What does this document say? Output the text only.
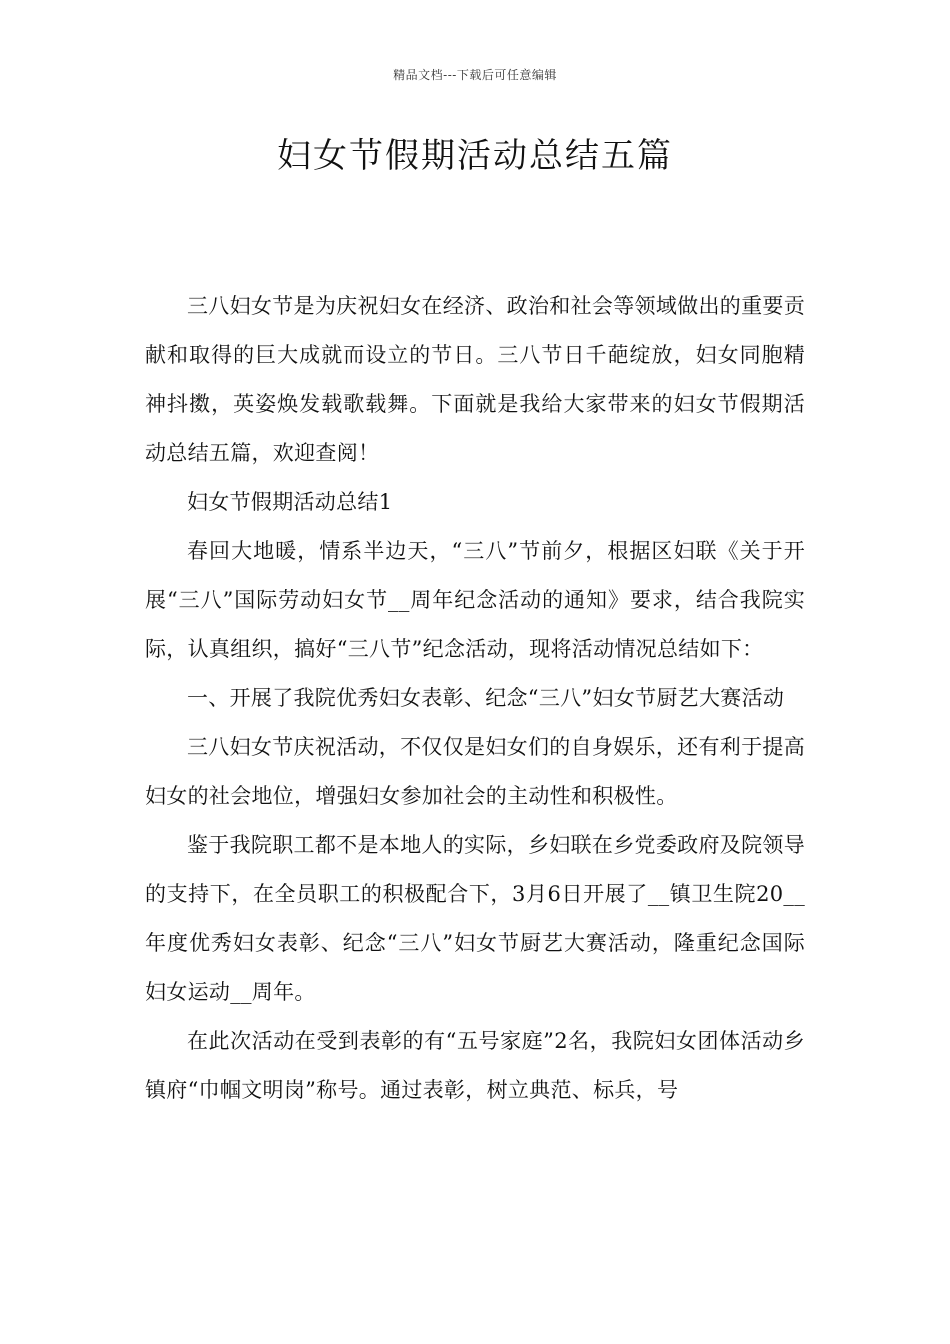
精品文档---下载后可任意编辑
妇女节假期活动总结五篇

三八妇女节是为庆祝妇女在经济、政治和社会等领域做出的重要贡献和取得的巨大成就而设立的节日。三八节日千葩绽放，妇女同胞精神抖擞，英姿焕发载歌载舞。下面就是我给大家带来的妇女节假期活动总结五篇，欢迎查阅！

妇女节假期活动总结1

春回大地暖，情系半边天，“三八”节前夕，根据区妇联《关于开展“三八”国际劳动妇女节__周年纪念活动的通知》要求，结合我院实际，认真组织，搞好“三八节”纪念活动，现将活动情况总结如下：

一、开展了我院优秀妇女表彰、纪念“三八”妇女节厨艺大赛活动

三八妇女节庆祝活动，不仅仅是妇女们的自身娱乐，还有利于提高妇女的社会地位，增强妇女参加社会的主动性和积极性。

鉴于我院职工都不是本地人的实际，乡妇联在乡党委政府及院领导的支持下，在全员职工的积极配合下，3月6日开展了__镇卫生院20__年度优秀妇女表彰、纪念“三八”妇女节厨艺大赛活动，隆重纪念国际妇女运动__周年。

在此次活动在受到表彰的有“五号家庭”2名，我院妇女团体活动乡镇府“巾帼文明岗”称号。通过表彰，树立典范、标兵，号
